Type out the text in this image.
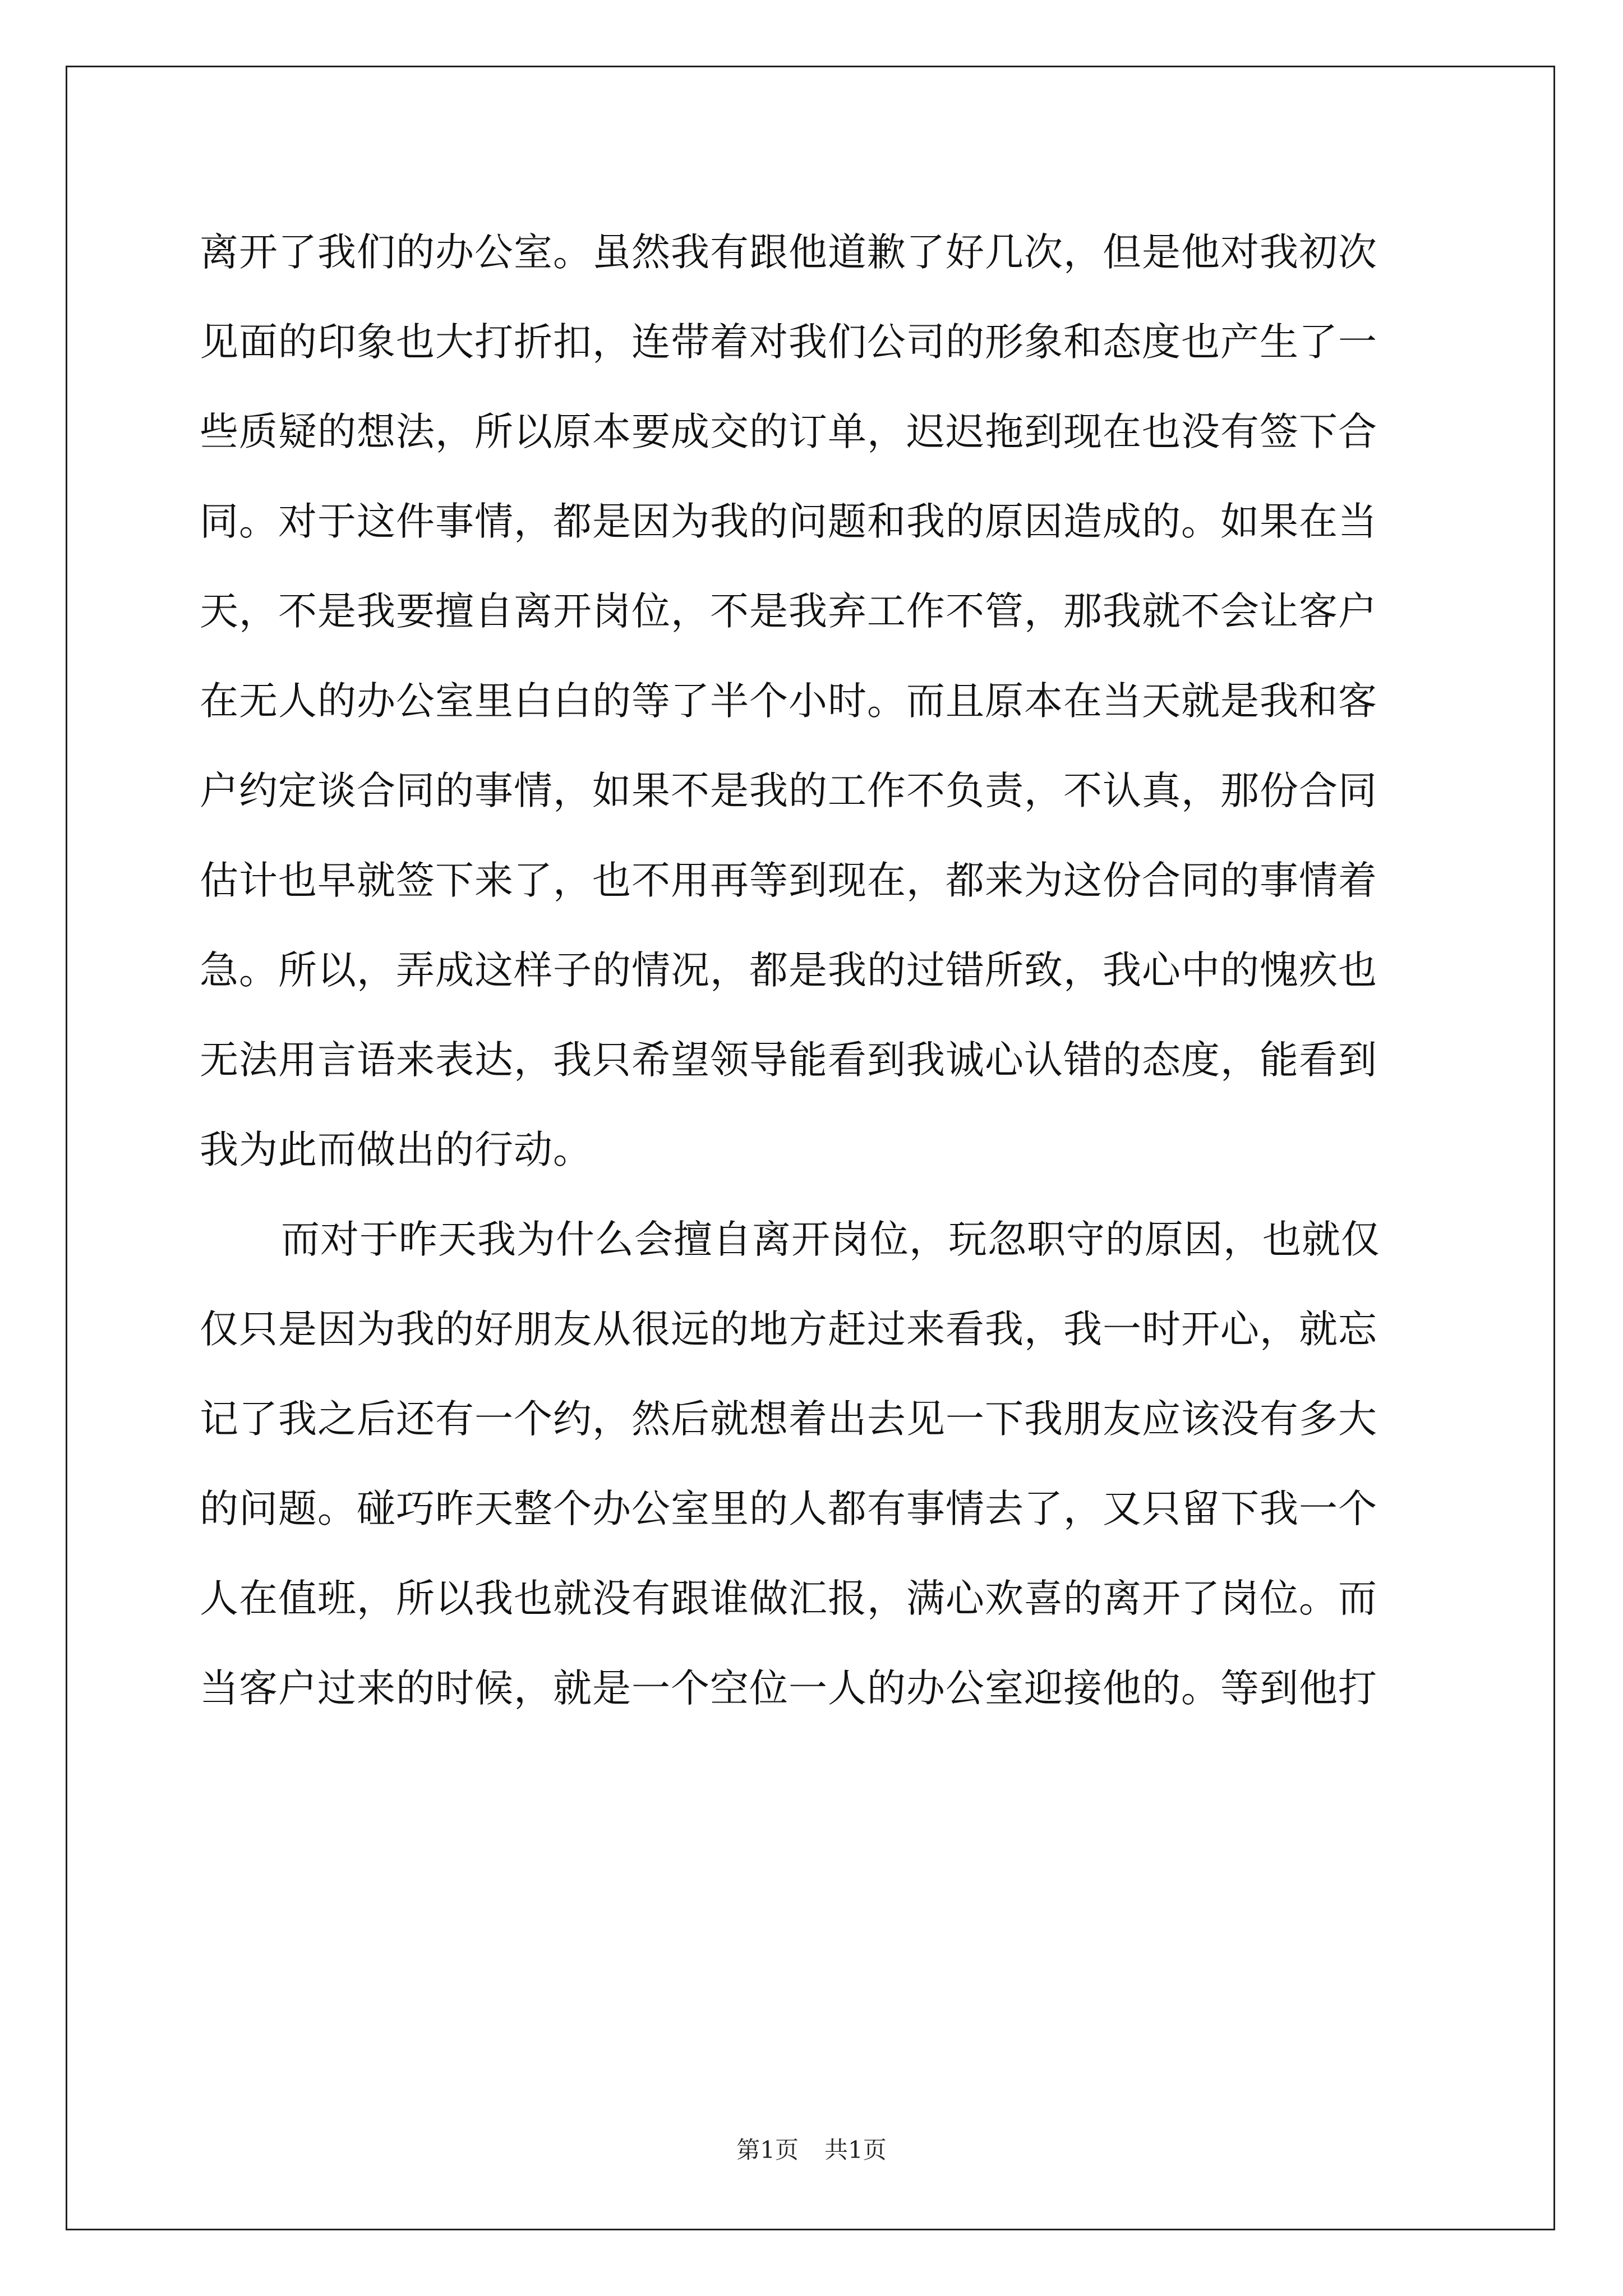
离开了我们的办公室。虽然我有跟他道歉了好几次，但是他对我初次
见面的印象也大打折扣，连带着对我们公司的形象和态度也产生了一
些质疑的想法，所以原本要成交的订单，迟迟拖到现在也没有签下合
同。对于这件事情，都是因为我的问题和我的原因造成的。如果在当
天，不是我要擅自离开岗位，不是我弃工作不管，那我就不会让客户
在无人的办公室里白白的等了半个小时。而且原本在当天就是我和客
户约定谈合同的事情，如果不是我的工作不负责，不认真，那份合同
估计也早就签下来了，也不用再等到现在，都来为这份合同的事情着
急。所以，弄成这样子的情况，都是我的过错所致，我心中的愧疚也
无法用言语来表达，我只希望领导能看到我诚心认错的态度，能看到
我为此而做出的行动。
而对于昨天我为什么会擅自离开岗位，玩忽职守的原因，也就仅
仅只是因为我的好朋友从很远的地方赶过来看我，我一时开心，就忘
记了我之后还有一个约，然后就想着出去见一下我朋友应该没有多大
的问题。碰巧昨天整个办公室里的人都有事情去了，又只留下我一个
人在值班，所以我也就没有跟谁做汇报，满心欢喜的离开了岗位。而
当客户过来的时候，就是一个空位一人的办公室迎接他的。等到他打
第1页 共1页
